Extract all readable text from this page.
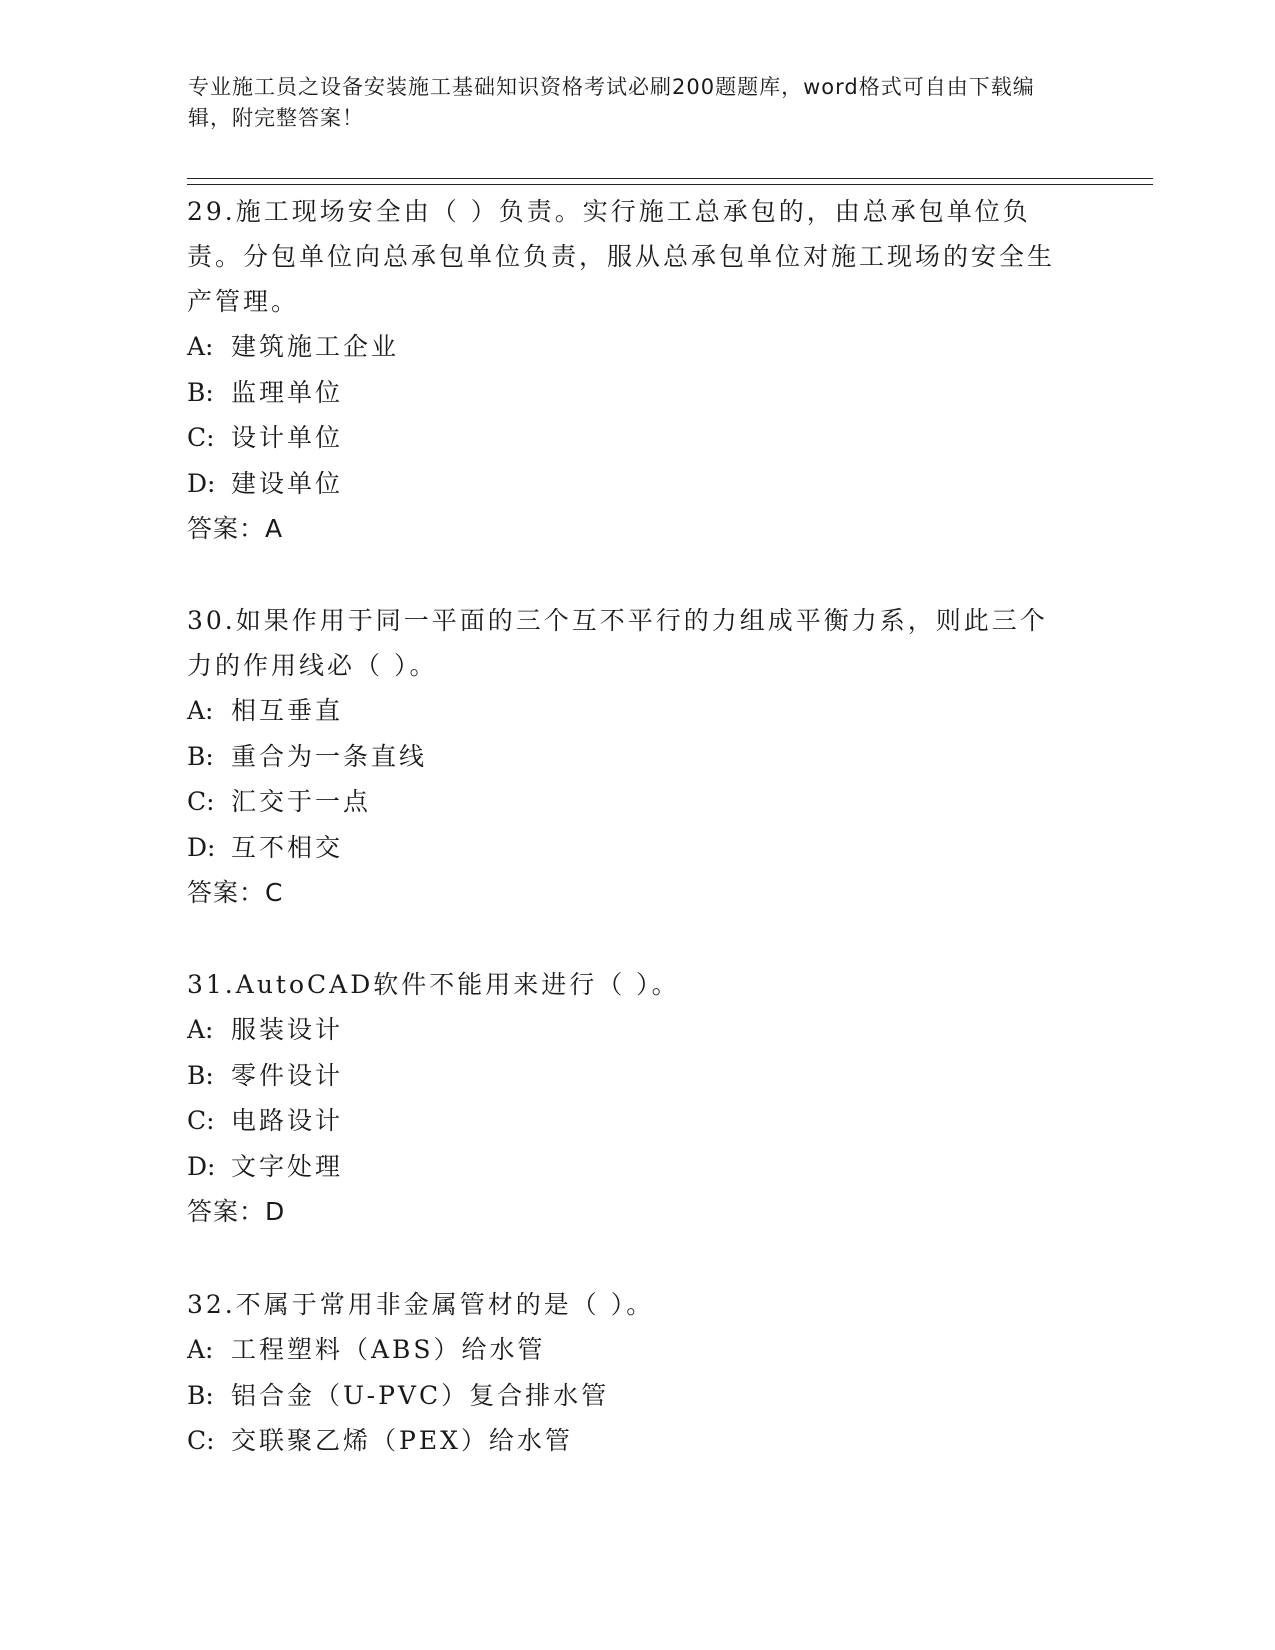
专业施工员之设备安装施工基础知识资格考试必刷200题题库，word格式可自由下载编辑，附完整答案！

29.施工现场安全由（ ）负责。实行施工总承包的，由总承包单位负责。分包单位向总承包单位负责，服从总承包单位对施工现场的安全生产管理。

A: 建筑施工企业

B: 监理单位

C: 设计单位

D: 建设单位

答案：A

30.如果作用于同一平面的三个互不平行的力组成平衡力系，则此三个力的作用线必（ ）。

A: 相互垂直

B: 重合为一条直线

C: 汇交于一点

D: 互不相交

答案：C

31.AutoCAD软件不能用来进行（ ）。

A: 服装设计

B: 零件设计

C: 电路设计

D: 文字处理

答案：D

32.不属于常用非金属管材的是（ ）。

A: 工程塑料（ABS）给水管

B: 铝合金（U-PVC）复合排水管

C: 交联聚乙烯（PEX）给水管
